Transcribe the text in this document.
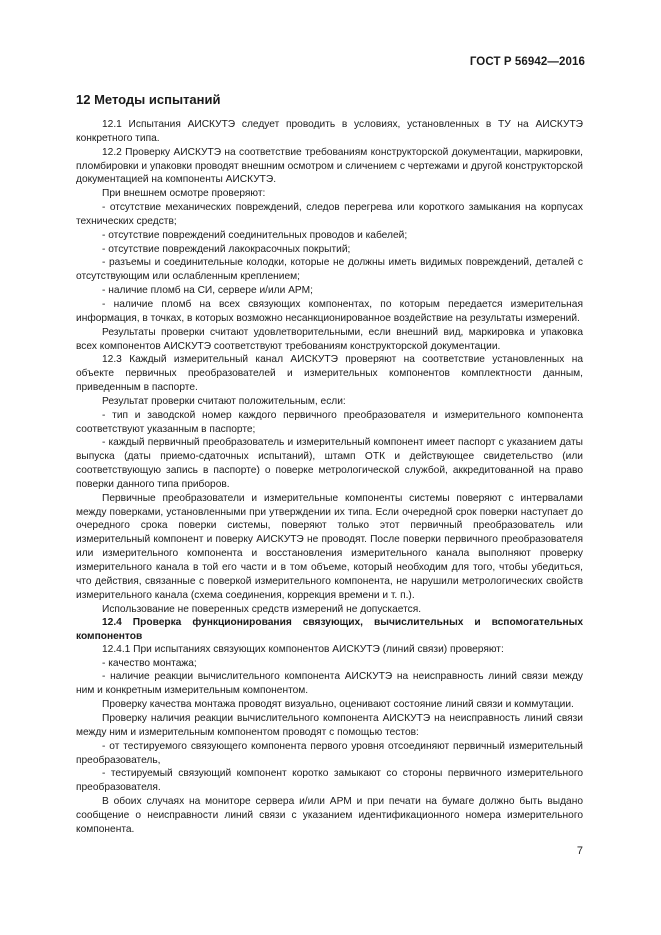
ГОСТ Р 56942—2016
12 Методы испытаний

12.1 Испытания АИСКУТЭ следует проводить в условиях, установленных в ТУ на АИСКУТЭ конкретного типа.

12.2 Проверку АИСКУТЭ на соответствие требованиям конструкторской документации, маркировки, пломбировки и упаковки проводят внешним осмотром и сличением с чертежами и другой конструкторской документацией на компоненты АИСКУТЭ.

При внешнем осмотре проверяют:

- отсутствие механических повреждений, следов перегрева или короткого замыкания на корпусах технических средств;

- отсутствие повреждений соединительных проводов и кабелей;

- отсутствие повреждений лакокрасочных покрытий;

- разъемы и соединительные колодки, которые не должны иметь видимых повреждений, деталей с отсутствующим или ослабленным креплением;

- наличие пломб на СИ, сервере и/или АРМ;

- наличие пломб на всех связующих компонентах, по которым передается измерительная информация, в точках, в которых возможно несанкционированное воздействие на результаты измерений.

Результаты проверки считают удовлетворительными, если внешний вид, маркировка и упаковка всех компонентов АИСКУТЭ соответствуют требованиям конструкторской документации.

12.3 Каждый измерительный канал АИСКУТЭ проверяют на соответствие установленных на объекте первичных преобразователей и измерительных компонентов комплектности данным, приведенным в паспорте.

Результат проверки считают положительным, если:

- тип и заводской номер каждого первичного преобразователя и измерительного компонента соответствуют указанным в паспорте;

- каждый первичный преобразователь и измерительный компонент имеет паспорт с указанием даты выпуска (даты приемо-сдаточных испытаний), штамп ОТК и действующее свидетельство (или соответствующую запись в паспорте) о поверке метрологической службой, аккредитованной на право поверки данного типа приборов.

Первичные преобразователи и измерительные компоненты системы поверяют с интервалами между поверками, установленными при утверждении их типа. Если очередной срок поверки наступает до очередного срока поверки системы, поверяют только этот первичный преобразователь или измерительный компонент и поверку АИСКУТЭ не проводят. После поверки первичного преобразователя или измерительного компонента и восстановления измерительного канала выполняют проверку измерительного канала в той его части и в том объеме, который необходим для того, чтобы убедиться, что действия, связанные с поверкой измерительного компонента, не нарушили метрологических свойств измерительного канала (схема соединения, коррекция времени и т. п.).

Использование не поверенных средств измерений не допускается.

12.4 Проверка функционирования связующих, вычислительных и вспомогательных компонентов

12.4.1 При испытаниях связующих компонентов АИСКУТЭ (линий связи) проверяют:

- качество монтажа;

- наличие реакции вычислительного компонента АИСКУТЭ на неисправность линий связи между ним и конкретным измерительным компонентом.

Проверку качества монтажа проводят визуально, оценивают состояние линий связи и коммутации.

Проверку наличия реакции вычислительного компонента АИСКУТЭ на неисправность линий связи между ним и измерительным компонентом проводят с помощью тестов:

- от тестируемого связующего компонента первого уровня отсоединяют первичный измерительный преобразователь,

- тестируемый связующий компонент коротко замыкают со стороны первичного измерительного преобразователя.

В обоих случаях на мониторе сервера и/или АРМ и при печати на бумаге должно быть выдано сообщение о неисправности линий связи с указанием идентификационного номера измерительного компонента.

7
